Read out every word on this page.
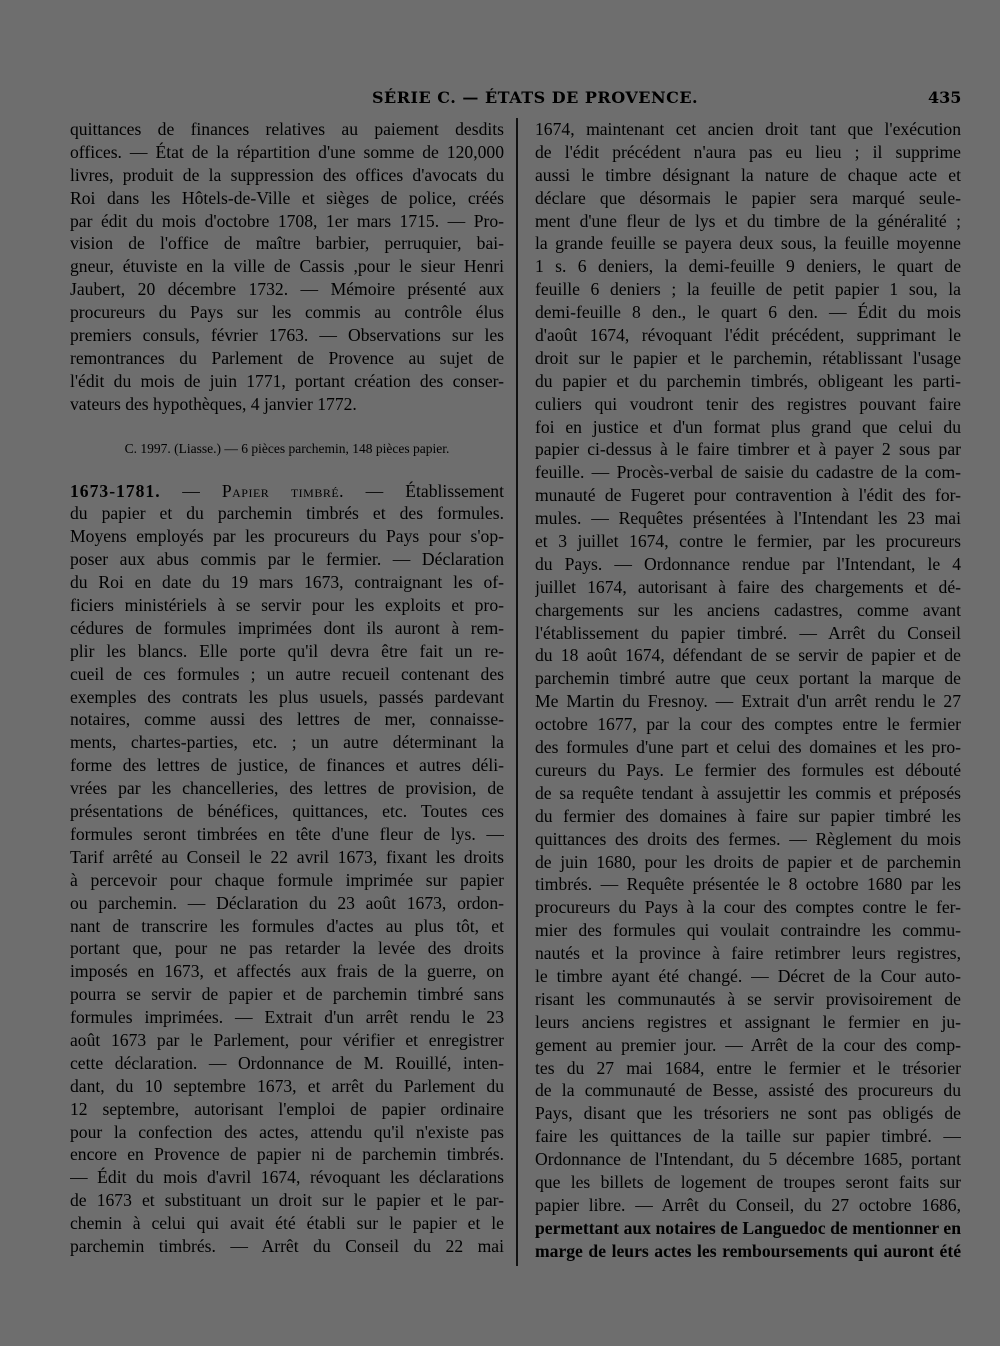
SÉRIE C. — ÉTATS DE PROVENCE.	435
quittances de finances relatives au paiement desdits
offices. — État de la répartition d'une somme de 120,000
livres, produit de la suppression des offices d'avocats du
Roi dans les Hôtels-de-Ville et sièges de police, créés
par édit du mois d'octobre 1708, 1er mars 1715. — Pro-
vision de l'office de maître barbier, perruquier, bai-
gneur, étuviste en la ville de Cassis ,pour le sieur Henri
Jaubert, 20 décembre 1732. — Mémoire présenté aux
procureurs du Pays sur les commis au contrôle élus
premiers consuls, février 1763. — Observations sur les
remontrances du Parlement de Provence au sujet de
l'édit du mois de juin 1771, portant création des conser-
vateurs des hypothèques, 4 janvier 1772.
C. 1997. (Liasse.) — 6 pièces parchemin, 148 pièces papier.
1673-1781. — Papier timbré. — Établissement
du papier et du parchemin timbrés et des formules.
Moyens employés par les procureurs du Pays pour s'op-
poser aux abus commis par le fermier. — Déclaration
du Roi en date du 19 mars 1673, contraignant les of-
ficiers ministériels à se servir pour les exploits et pro-
cédures de formules imprimées dont ils auront à rem-
plir les blancs. Elle porte qu'il devra être fait un re-
cueil de ces formules ; un autre recueil contenant des
exemples des contrats les plus usuels, passés pardevant
notaires, comme aussi des lettres de mer, connaisse-
ments, chartes-parties, etc. ; un autre déterminant la
forme des lettres de justice, de finances et autres déli-
vrées par les chancelleries, des lettres de provision, de
présentations de bénéfices, quittances, etc. Toutes ces
formules seront timbrées en tête d'une fleur de lys. —
Tarif arrêté au Conseil le 22 avril 1673, fixant les droits
à percevoir pour chaque formule imprimée sur papier
ou parchemin. — Déclaration du 23 août 1673, ordon-
nant de transcrire les formules d'actes au plus tôt, et
portant que, pour ne pas retarder la levée des droits
imposés en 1673, et affectés aux frais de la guerre, on
pourra se servir de papier et de parchemin timbré sans
formules imprimées. — Extrait d'un arrêt rendu le 23
août 1673 par le Parlement, pour vérifier et enregistrer
cette déclaration. — Ordonnance de M. Rouillé, inten-
dant, du 10 septembre 1673, et arrêt du Parlement du
12 septembre, autorisant l'emploi de papier ordinaire
pour la confection des actes, attendu qu'il n'existe pas
encore en Provence de papier ni de parchemin timbrés.
— Édit du mois d'avril 1674, révoquant les déclarations
de 1673 et substituant un droit sur le papier et le par-
chemin à celui qui avait été établi sur le papier et le
parchemin timbrés. — Arrêt du Conseil du 22 mai
1674, maintenant cet ancien droit tant que l'exécution
de l'édit précédent n'aura pas eu lieu ; il supprime
aussi le timbre désignant la nature de chaque acte et
déclare que désormais le papier sera marqué seule-
ment d'une fleur de lys et du timbre de la généralité ;
la grande feuille se payera deux sous, la feuille moyenne
1 s. 6 deniers, la demi-feuille 9 deniers, le quart de
feuille 6 deniers ; la feuille de petit papier 1 sou, la
demi-feuille 8 den., le quart 6 den. — Édit du mois
d'août 1674, révoquant l'édit précédent, supprimant le
droit sur le papier et le parchemin, rétablissant l'usage
du papier et du parchemin timbrés, obligeant les parti-
culiers qui voudront tenir des registres pouvant faire
foi en justice et d'un format plus grand que celui du
papier ci-dessus à le faire timbrer et à payer 2 sous par
feuille. — Procès-verbal de saisie du cadastre de la com-
munauté de Fugeret pour contravention à l'édit des for-
mules. — Requêtes présentées à l'Intendant les 23 mai
et 3 juillet 1674, contre le fermier, par les procureurs
du Pays. — Ordonnance rendue par l'Intendant, le 4
juillet 1674, autorisant à faire des chargements et dé-
chargements sur les anciens cadastres, comme avant
l'établissement du papier timbré. — Arrêt du Conseil
du 18 août 1674, défendant de se servir de papier et de
parchemin timbré autre que ceux portant la marque de
Me Martin du Fresnoy. — Extrait d'un arrêt rendu le 27
octobre 1677, par la cour des comptes entre le fermier
des formules d'une part et celui des domaines et les pro-
cureurs du Pays. Le fermier des formules est débouté
de sa requête tendant à assujettir les commis et préposés
du fermier des domaines à faire sur papier timbré les
quittances des droits des fermes. — Règlement du mois
de juin 1680, pour les droits de papier et de parchemin
timbrés. — Requête présentée le 8 octobre 1680 par les
procureurs du Pays à la cour des comptes contre le fer-
mier des formules qui voulait contraindre les commu-
nautés et la province à faire retimbrer leurs registres,
le timbre ayant été changé. — Décret de la Cour auto-
risant les communautés à se servir provisoirement de
leurs anciens registres et assignant le fermier en ju-
gement au premier jour. — Arrêt de la cour des comp-
tes du 27 mai 1684, entre le fermier et le trésorier
de la communauté de Besse, assisté des procureurs du
Pays, disant que les trésoriers ne sont pas obligés de
faire les quittances de la taille sur papier timbré. —
Ordonnance de l'Intendant, du 5 décembre 1685, portant
que les billets de logement de troupes seront faits sur
papier libre. — Arrêt du Conseil, du 27 octobre 1686,
permettant aux notaires de Languedoc de mentionner en
marge de leurs actes les remboursements qui auront été
